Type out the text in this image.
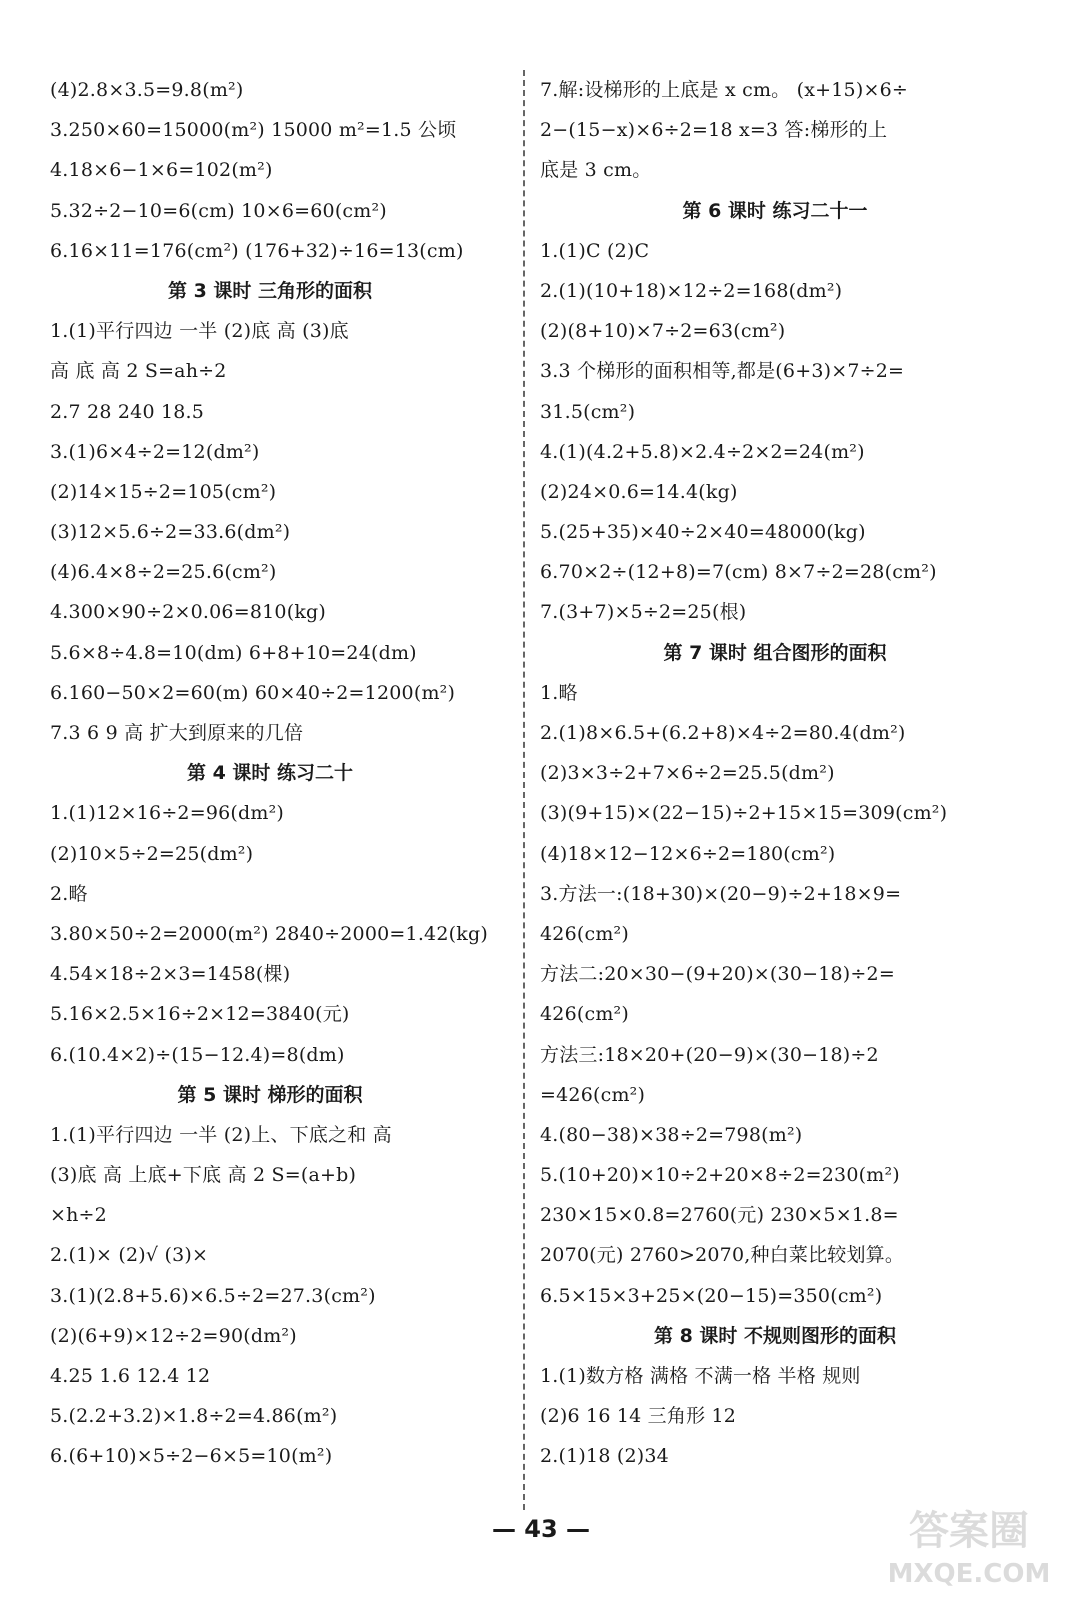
(4)2.8×3.5=9.8(m²)
3.250×60=15000(m²) 15000 m²=1.5 公顷
4.18×6−1×6=102(m²)
5.32÷2−10=6(cm) 10×6=60(cm²)
6.16×11=176(cm²) (176+32)÷16=13(cm)
第 3 课时 三角形的面积
1.(1)平行四边 一半 (2)底 高 (3)底
高 底 高 2 S=ah÷2
2.7 28 240 18.5
3.(1)6×4÷2=12(dm²)
(2)14×15÷2=105(cm²)
(3)12×5.6÷2=33.6(dm²)
(4)6.4×8÷2=25.6(cm²)
4.300×90÷2×0.06=810(kg)
5.6×8÷4.8=10(dm) 6+8+10=24(dm)
6.160−50×2=60(m) 60×40÷2=1200(m²)
7.3 6 9 高 扩大到原来的几倍
第 4 课时 练习二十
1.(1)12×16÷2=96(dm²)
(2)10×5÷2=25(dm²)
2.略
3.80×50÷2=2000(m²) 2840÷2000=1.42(kg)
4.54×18÷2×3=1458(棵)
5.16×2.5×16÷2×12=3840(元)
6.(10.4×2)÷(15−12.4)=8(dm)
第 5 课时 梯形的面积
1.(1)平行四边 一半 (2)上、下底之和 高
(3)底 高 上底+下底 高 2 S=(a+b)
×h÷2
2.(1)× (2)√ (3)×
3.(1)(2.8+5.6)×6.5÷2=27.3(cm²)
(2)(6+9)×12÷2=90(dm²)
4.25 1.6 12.4 12
5.(2.2+3.2)×1.8÷2=4.86(m²)
6.(6+10)×5÷2−6×5=10(m²)
7.解:设梯形的上底是 x cm。 (x+15)×6÷
2−(15−x)×6÷2=18 x=3 答:梯形的上
底是 3 cm。
第 6 课时 练习二十一
1.(1)C (2)C
2.(1)(10+18)×12÷2=168(dm²)
(2)(8+10)×7÷2=63(cm²)
3.3 个梯形的面积相等,都是(6+3)×7÷2=
31.5(cm²)
4.(1)(4.2+5.8)×2.4÷2×2=24(m²)
(2)24×0.6=14.4(kg)
5.(25+35)×40÷2×40=48000(kg)
6.70×2÷(12+8)=7(cm) 8×7÷2=28(cm²)
7.(3+7)×5÷2=25(根)
第 7 课时 组合图形的面积
1.略
2.(1)8×6.5+(6.2+8)×4÷2=80.4(dm²)
(2)3×3÷2+7×6÷2=25.5(dm²)
(3)(9+15)×(22−15)÷2+15×15=309(cm²)
(4)18×12−12×6÷2=180(cm²)
3.方法一:(18+30)×(20−9)÷2+18×9=
426(cm²)
方法二:20×30−(9+20)×(30−18)÷2=
426(cm²)
方法三:18×20+(20−9)×(30−18)÷2
=426(cm²)
4.(80−38)×38÷2=798(m²)
5.(10+20)×10÷2+20×8÷2=230(m²)
230×15×0.8=2760(元) 230×5×1.8=
2070(元) 2760>2070,种白菜比较划算。
6.5×15×3+25×(20−15)=350(cm²)
第 8 课时 不规则图形的面积
1.(1)数方格 满格 不满一格 半格 规则
(2)6 16 14 三角形 12
2.(1)18 (2)34
— 43 —	答案圈
MXQE.COM
